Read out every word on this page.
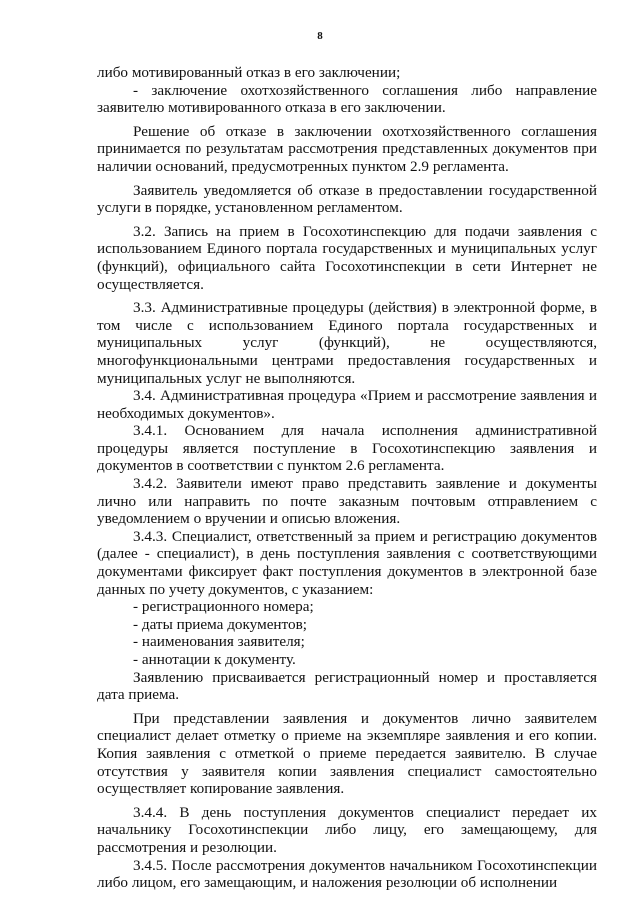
8

либо мотивированный отказ в его заключении;

- заключение охотхозяйственного соглашения либо направление заявителю мотивированного отказа в его заключении.

Решение об отказе в заключении охотхозяйственного соглашения принимается по результатам рассмотрения представленных документов при наличии оснований, предусмотренных пунктом 2.9 регламента.

Заявитель уведомляется об отказе в предоставлении государственной услуги в порядке, установленном регламентом.

3.2. Запись на прием в Госохотинспекцию для подачи заявления с использованием Единого портала государственных и муниципальных услуг (функций), официального сайта Госохотинспекции в сети Интернет не осуществляется.

3.3. Административные процедуры (действия) в электронной форме, в том числе с использованием Единого портала государственных и муниципальных услуг (функций), не осуществляются, многофункциональными центрами предоставления государственных и муниципальных услуг не выполняются.

3.4. Административная процедура «Прием и рассмотрение заявления и необходимых документов».

3.4.1. Основанием для начала исполнения административной процедуры является поступление в Госохотинспекцию заявления и документов в соответствии с пунктом 2.6 регламента.

3.4.2. Заявители имеют право представить заявление и документы лично или направить по почте заказным почтовым отправлением с уведомлением о вручении и описью вложения.

3.4.3. Специалист, ответственный за прием и регистрацию документов (далее - специалист), в день поступления заявления с соответствующими документами фиксирует факт поступления документов в электронной базе данных по учету документов, с указанием:

- регистрационного номера;

- даты приема документов;

- наименования заявителя;

- аннотации к документу.

Заявлению присваивается регистрационный номер и проставляется дата приема.

При представлении заявления и документов лично заявителем специалист делает отметку о приеме на экземпляре заявления и его копии. Копия заявления с отметкой о приеме передается заявителю. В случае отсутствия у заявителя копии заявления специалист самостоятельно осуществляет копирование заявления.

3.4.4. В день поступления документов специалист передает их начальнику Госохотинспекции либо лицу, его замещающему, для рассмотрения и резолюции.

3.4.5. После рассмотрения документов начальником Госохотинспекции либо лицом, его замещающим, и наложения резолюции об исполнении
